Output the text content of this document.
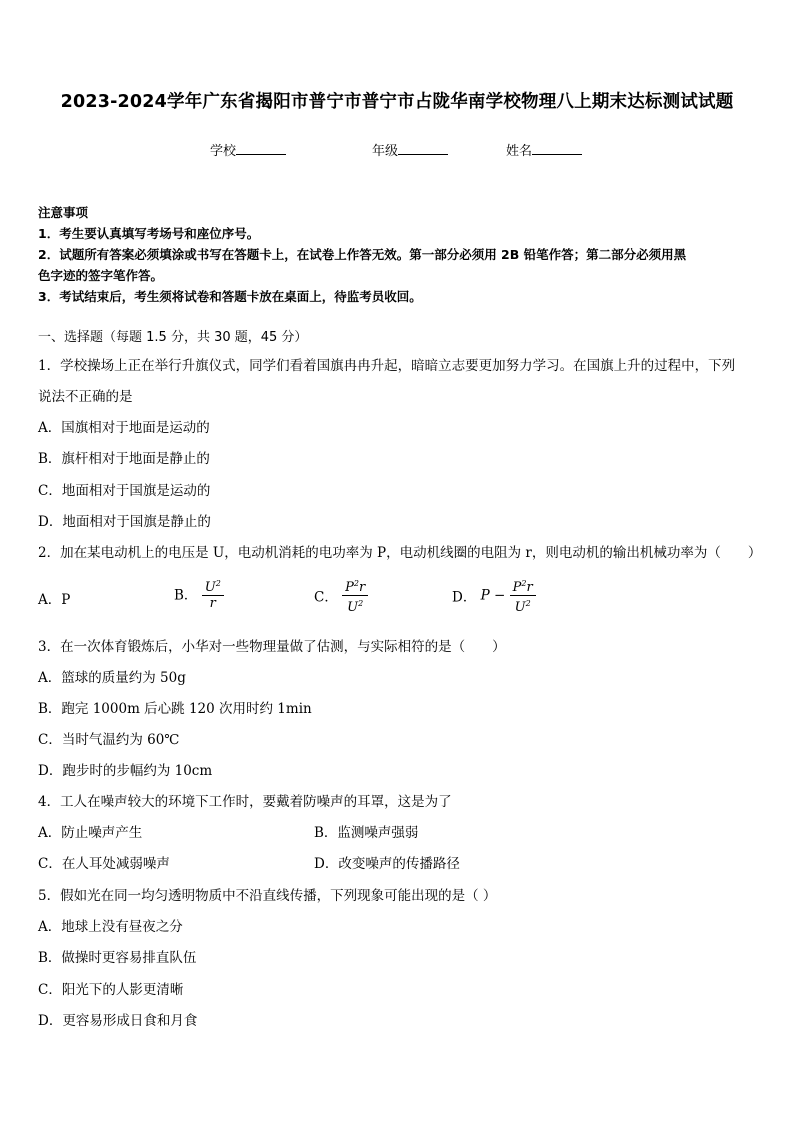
2023-2024学年广东省揭阳市普宁市普宁市占陇华南学校物理八上期末达标测试试题
学校	年级	姓名
注意事项
1．考生要认真填写考场号和座位序号。
2．试题所有答案必须填涂或书写在答题卡上，在试卷上作答无效。第一部分必须用 2B 铅笔作答；第二部分必须用黑
色字迹的签字笔作答。
3．考试结束后，考生须将试卷和答题卡放在桌面上，待监考员收回。
一、选择题（每题 1.5 分，共 30 题，45 分）
1．学校操场上正在举行升旗仪式，同学们看着国旗冉冉升起，暗暗立志要更加努力学习。在国旗上升的过程中，下列
说法不正确的是
A．国旗相对于地面是运动的
B．旗杆相对于地面是静止的
C．地面相对于国旗是运动的
D．地面相对于国旗是静止的
2．加在某电动机上的电压是 U，电动机消耗的电功率为 P，电动机线圈的电阻为 r，则电动机的输出机械功率为（　　）
A．P	B． $\frac{U^2}{r}$	C． $\frac{P^2r}{U^2}$	D． $P - \frac{P^2r}{U^2}$
3．在一次体育锻炼后，小华对一些物理量做了估测，与实际相符的是（　　）
A．篮球的质量约为 50g
B．跑完 1000m 后心跳 120 次用时约 1min
C．当时气温约为 60℃
D．跑步时的步幅约为 10cm
4．工人在噪声较大的环境下工作时，要戴着防噪声的耳罩，这是为了
A．防止噪声产生	B．监测噪声强弱
C．在人耳处减弱噪声	D．改变噪声的传播路径
5．假如光在同一均匀透明物质中不沿直线传播，下列现象可能出现的是（ ）
A．地球上没有昼夜之分
B．做操时更容易排直队伍
C．阳光下的人影更清晰
D．更容易形成日食和月食
